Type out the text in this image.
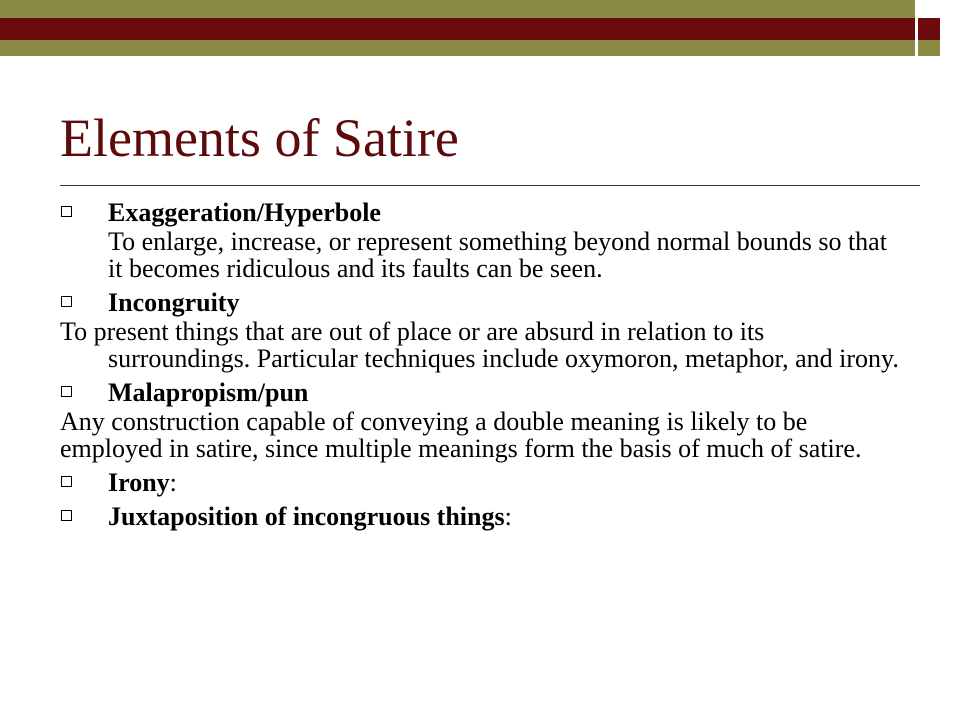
Elements of Satire
Exaggeration/Hyperbole
To enlarge, increase, or represent something beyond normal bounds so that it becomes ridiculous and its faults can be seen.
Incongruity
To present things that are out of place or are absurd in relation to its surroundings. Particular techniques include oxymoron, metaphor, and irony.
Malapropism/pun
Any construction capable of conveying a double meaning is likely to be employed in satire, since multiple meanings form the basis of much of satire.
Irony:
Juxtaposition of incongruous things:
